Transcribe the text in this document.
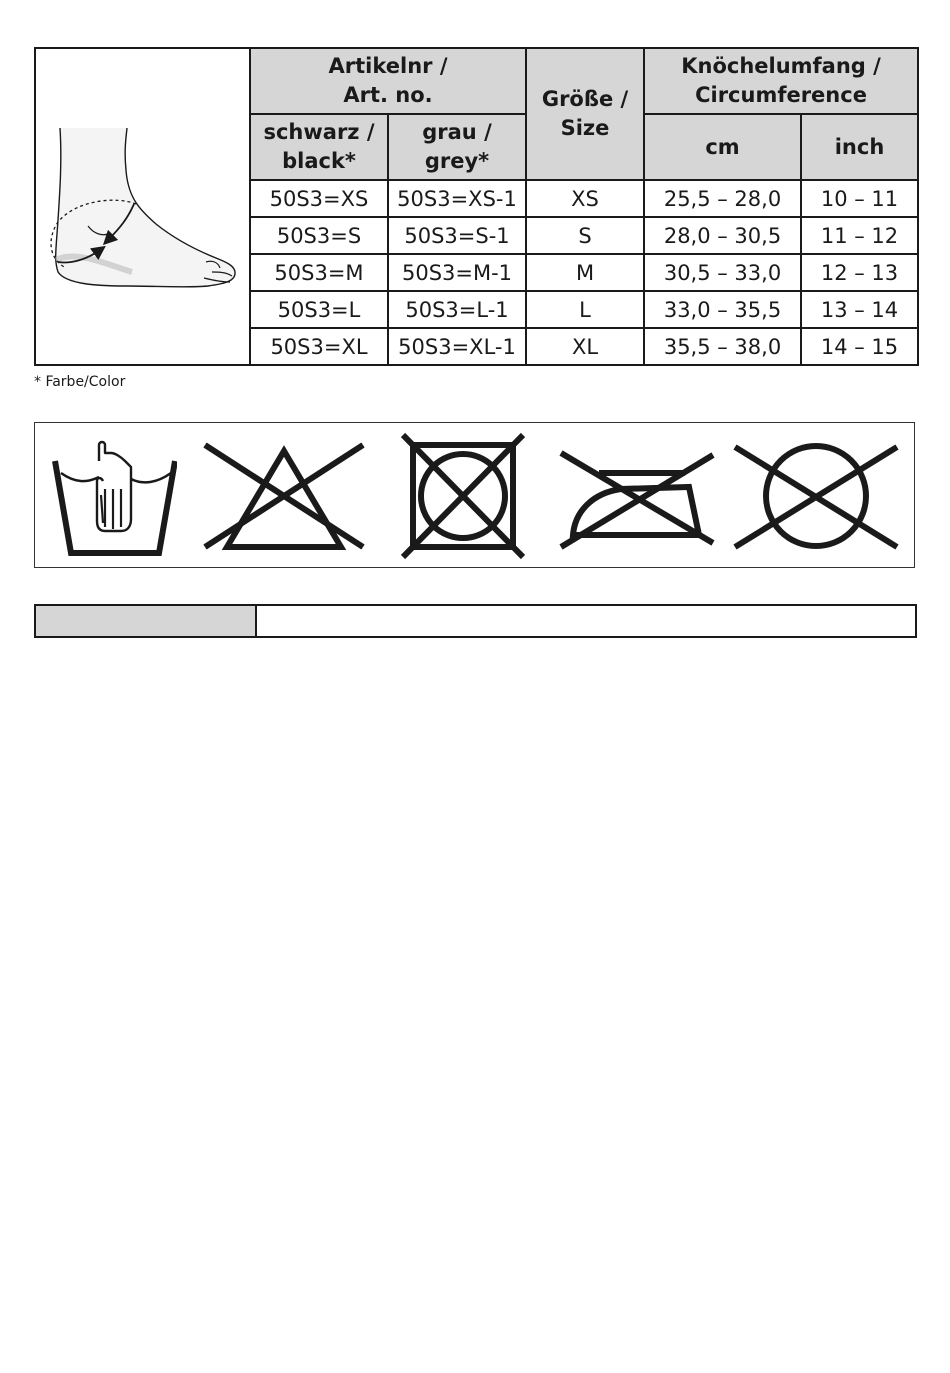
	Artikelnr /
Art. no.		Größe /
Size	Knöchelumfang /
Circumference	
	schwarz /
black*	grau /
grey*		cm	inch
	50S3=XS	50S3=XS-1	XS	25,5 – 28,0	10 – 11
	50S3=S	50S3=S-1	S	28,0 – 30,5	11 – 12
	50S3=M	50S3=M-1	M	30,5 – 33,0	12 – 13
	50S3=L	50S3=L-1	L	33,0 – 35,5	13 – 14
	50S3=XL	50S3=XL-1	XL	35,5 – 38,0	14 – 15
* Farbe/Color
